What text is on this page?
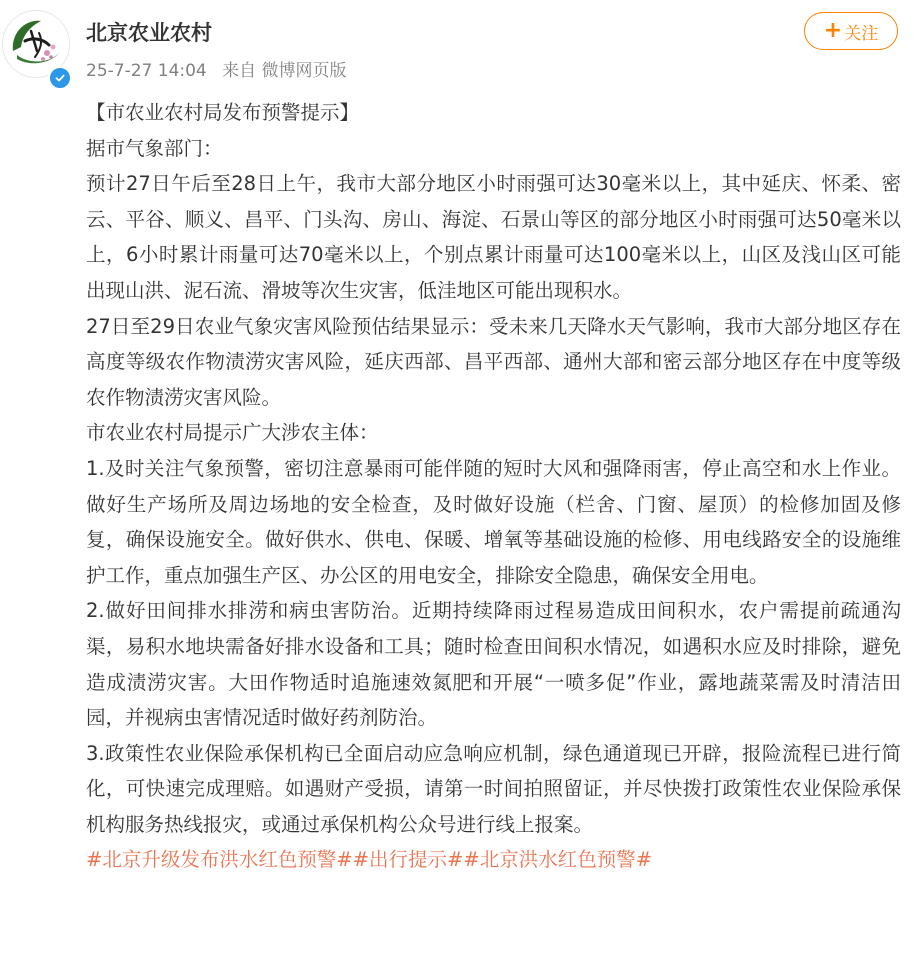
北京农业农村
25-7-27 14:04 来自 微博网页版
+ 关注

【市农业农村局发布预警提示】

据市气象部门：

预计27日午后至28日上午，我市大部分地区小时雨强可达30毫米以上，其中延庆、怀柔、密云、平谷、顺义、昌平、门头沟、房山、海淀、石景山等区的部分地区小时雨强可达50毫米以上，6小时累计雨量可达70毫米以上，个别点累计雨量可达100毫米以上，山区及浅山区可能出现山洪、泥石流、滑坡等次生灾害，低洼地区可能出现积水。

27日至29日农业气象灾害风险预估结果显示：受未来几天降水天气影响，我市大部分地区存在高度等级农作物渍涝灾害风险，延庆西部、昌平西部、通州大部和密云部分地区存在中度等级农作物渍涝灾害风险。

市农业农村局提示广大涉农主体：

1.及时关注气象预警，密切注意暴雨可能伴随的短时大风和强降雨害，停止高空和水上作业。做好生产场所及周边场地的安全检查，及时做好设施（栏舍、门窗、屋顶）的检修加固及修复，确保设施安全。做好供水、供电、保暖、增氧等基础设施的检修、用电线路安全的设施维护工作，重点加强生产区、办公区的用电安全，排除安全隐患，确保安全用电。

2.做好田间排水排涝和病虫害防治。近期持续降雨过程易造成田间积水，农户需提前疏通沟渠，易积水地块需备好排水设备和工具；随时检查田间积水情况，如遇积水应及时排除，避免造成渍涝灾害。大田作物适时追施速效氮肥和开展“一喷多促”作业，露地蔬菜需及时清洁田园，并视病虫害情况适时做好药剂防治。

3.政策性农业保险承保机构已全面启动应急响应机制，绿色通道现已开辟，报险流程已进行简化，可快速完成理赔。如遇财产受损，请第一时间拍照留证，并尽快拨打政策性农业保险承保机构服务热线报灾，或通过承保机构公众号进行线上报案。

#北京升级发布洪水红色预警##出行提示##北京洪水红色预警#
